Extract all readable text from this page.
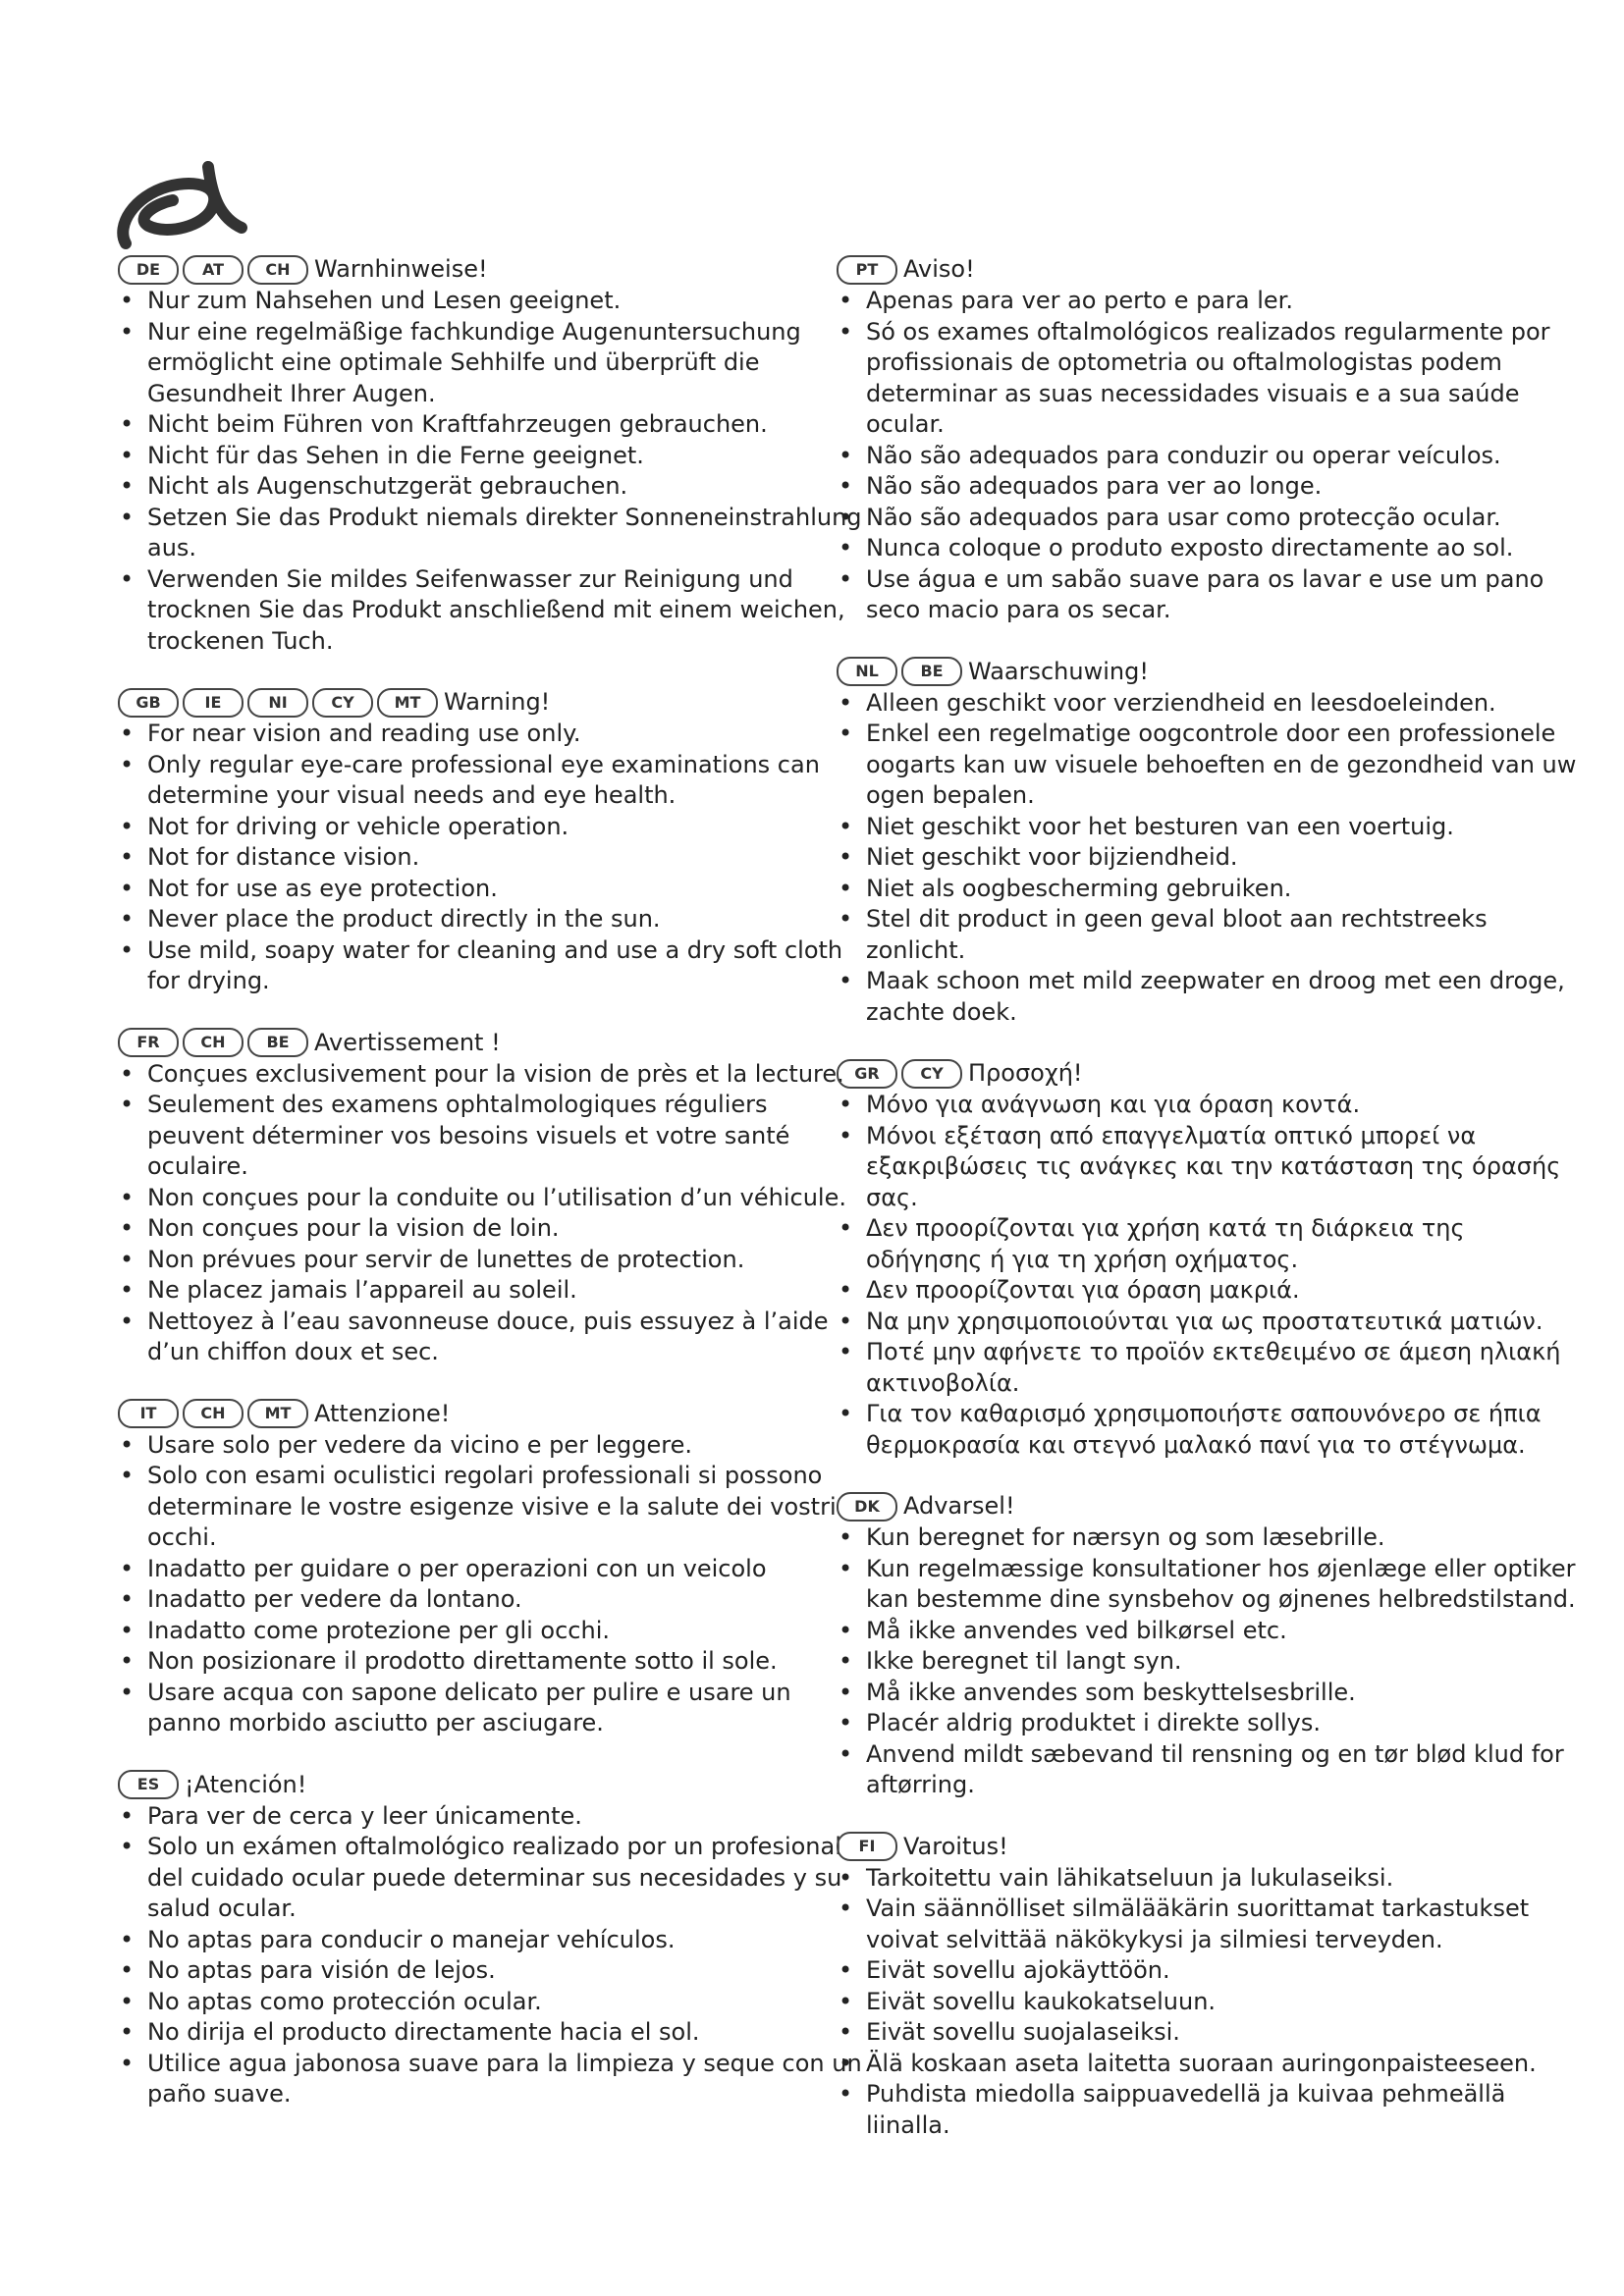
DE	AT	CH	Warnhinweise!
• Nur zum Nahsehen und Lesen geeignet.
• Nur eine regelmäßige fachkundige Augenuntersuchung ermöglicht eine optimale Sehhilfe und überprüft die Gesundheit Ihrer Augen.
• Nicht beim Führen von Kraftfahrzeugen gebrauchen.
• Nicht für das Sehen in die Ferne geeignet.
• Nicht als Augenschutzgerät gebrauchen.
• Setzen Sie das Produkt niemals direkter Sonneneinstrahlung aus.
• Verwenden Sie mildes Seifenwasser zur Reinigung und trocknen Sie das Produkt anschließend mit einem weichen, trockenen Tuch.
GB	IE	NI	CY	MT Warning!
• For near vision and reading use only.
• Only regular eye-care professional eye examinations can determine your visual needs and eye health.
• Not for driving or vehicle operation.
• Not for distance vision.
• Not for use as eye protection.
• Never place the product directly in the sun.
• Use mild, soapy water for cleaning and use a dry soft cloth for drying.
FR	CH	BE	Avertissement !
• Conçues exclusivement pour la vision de près et la lecture.
• Seulement des examens ophtalmologiques réguliers peuvent déterminer vos besoins visuels et votre santé oculaire.
• Non conçues pour la conduite ou l’utilisation d’un véhicule.
• Non conçues pour la vision de loin.
• Non prévues pour servir de lunettes de protection.
• Ne placez jamais l’appareil au soleil.
• Nettoyez à l’eau savonneuse douce, puis essuyez à l’aide d’un chiffon doux et sec.
IT	CH	MT Attenzione!
• Usare solo per vedere da vicino e per leggere.
• Solo con esami oculistici regolari professionali si possono determinare le vostre esigenze visive e la salute dei vostri occhi.
• Inadatto per guidare o per operazioni con un veicolo
• Inadatto per vedere da lontano.
• Inadatto come protezione per gli occhi.
• Non posizionare il prodotto direttamente sotto il sole.
• Usare acqua con sapone delicato per pulire e usare un panno morbido asciutto per asciugare.
ES	¡Atención!
• Para ver de cerca y leer únicamente.
• Solo un exámen oftalmológico realizado por un profesional del cuidado ocular puede determinar sus necesidades y su salud ocular.
• No aptas para conducir o manejar vehículos.
• No aptas para visión de lejos.
• No aptas como protección ocular.
• No dirija el producto directamente hacia el sol.
• Utilice agua jabonosa suave para la limpieza y seque con un paño suave.
PT	Aviso!
• Apenas para ver ao perto e para ler.
• Só os exames oftalmológicos realizados regularmente por profissionais de optometria ou oftalmologistas podem determinar as suas necessidades visuais e a sua saúde ocular.
• Não são adequados para conduzir ou operar veículos.
• Não são adequados para ver ao longe.
• Não são adequados para usar como protecção ocular.
• Nunca coloque o produto exposto directamente ao sol.
• Use água e um sabão suave para os lavar e use um pano seco macio para os secar.
NL	BE	Waarschuwing!
• Alleen geschikt voor verziendheid en leesdoeleinden.
• Enkel een regelmatige oogcontrole door een professionele oogarts kan uw visuele behoeften en de gezondheid van uw ogen bepalen.
• Niet geschikt voor het besturen van een voertuig.
• Niet geschikt voor bijziendheid.
• Niet als oogbescherming gebruiken.
• Stel dit product in geen geval bloot aan rechtstreeks zonlicht.
• Maak schoon met mild zeepwater en droog met een droge, zachte doek.
GR	CY	Προσοχή!
• Μόνο για ανάγνωση και για όραση κοντά.
• Μόνοι εξέταση από επαγγελματία οπτικό μπορεί να εξακριβώσεις τις ανάγκες και την κατάσταση της όρασής σας.
• Δεν προορίζονται για χρήση κατά τη διάρκεια της οδήγησης ή για τη χρήση οχήματος.
• Δεν προορίζονται για όραση μακριά.
• Να μην χρησιμοποιούνται για ως προστατευτικά ματιών.
• Ποτέ μην αφήνετε το προϊόν εκτεθειμένο σε άμεση ηλιακή ακτινοβολία.
• Για τον καθαρισμό χρησιμοποιήστε σαπουνόνερο σε ήπια θερμοκρασία και στεγνό μαλακό πανί για το στέγνωμα.
DK	Advarsel!
• Kun beregnet for nærsyn og som læsebrille.
• Kun regelmæssige konsultationer hos øjenlæge eller optiker kan bestemme dine synsbehov og øjnenes helbredstilstand.
• Må ikke anvendes ved bilkørsel etc.
• Ikke beregnet til langt syn.
• Må ikke anvendes som beskyttelsesbrille.
• Placér aldrig produktet i direkte sollys.
• Anvend mildt sæbevand til rensning og en tør blød klud for aftørring.
FI	Varoitus!
• Tarkoitettu vain lähikatseluun ja lukulaseiksi.
• Vain säännölliset silmälääkärin suorittamat tarkastukset voivat selvittää näkökykysi ja silmiesi terveyden.
• Eivät sovellu ajokäyttöön.
• Eivät sovellu kaukokatseluun.
• Eivät sovellu suojalaseiksi.
• Älä koskaan aseta laitetta suoraan auringonpaisteeseen.
• Puhdista miedolla saippuavedellä ja kuivaa pehmeällä liinalla.
